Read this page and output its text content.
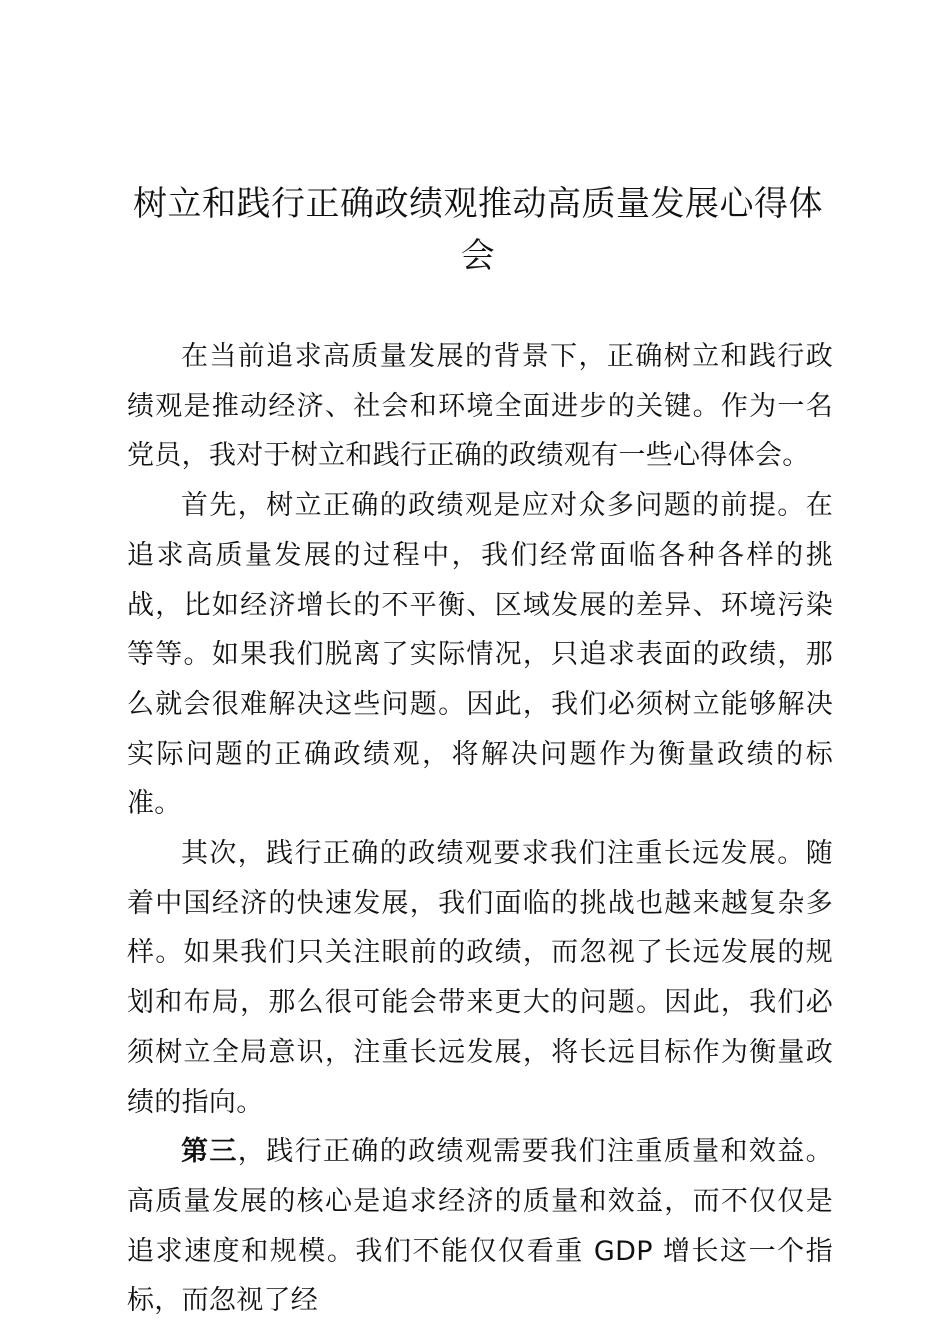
树立和践行正确政绩观推动高质量发展心得体会

在当前追求高质量发展的背景下，正确树立和践行政绩观是推动经济、社会和环境全面进步的关键。作为一名党员，我对于树立和践行正确的政绩观有一些心得体会。

首先，树立正确的政绩观是应对众多问题的前提。在追求高质量发展的过程中，我们经常面临各种各样的挑战，比如经济增长的不平衡、区域发展的差异、环境污染等等。如果我们脱离了实际情况，只追求表面的政绩，那么就会很难解决这些问题。因此，我们必须树立能够解决实际问题的正确政绩观，将解决问题作为衡量政绩的标准。

其次，践行正确的政绩观要求我们注重长远发展。随着中国经济的快速发展，我们面临的挑战也越来越复杂多样。如果我们只关注眼前的政绩，而忽视了长远发展的规划和布局，那么很可能会带来更大的问题。因此，我们必须树立全局意识，注重长远发展，将长远目标作为衡量政绩的指向。

第三，践行正确的政绩观需要我们注重质量和效益。高质量发展的核心是追求经济的质量和效益，而不仅仅是追求速度和规模。我们不能仅仅看重 GDP 增长这一个指标，而忽视了经
